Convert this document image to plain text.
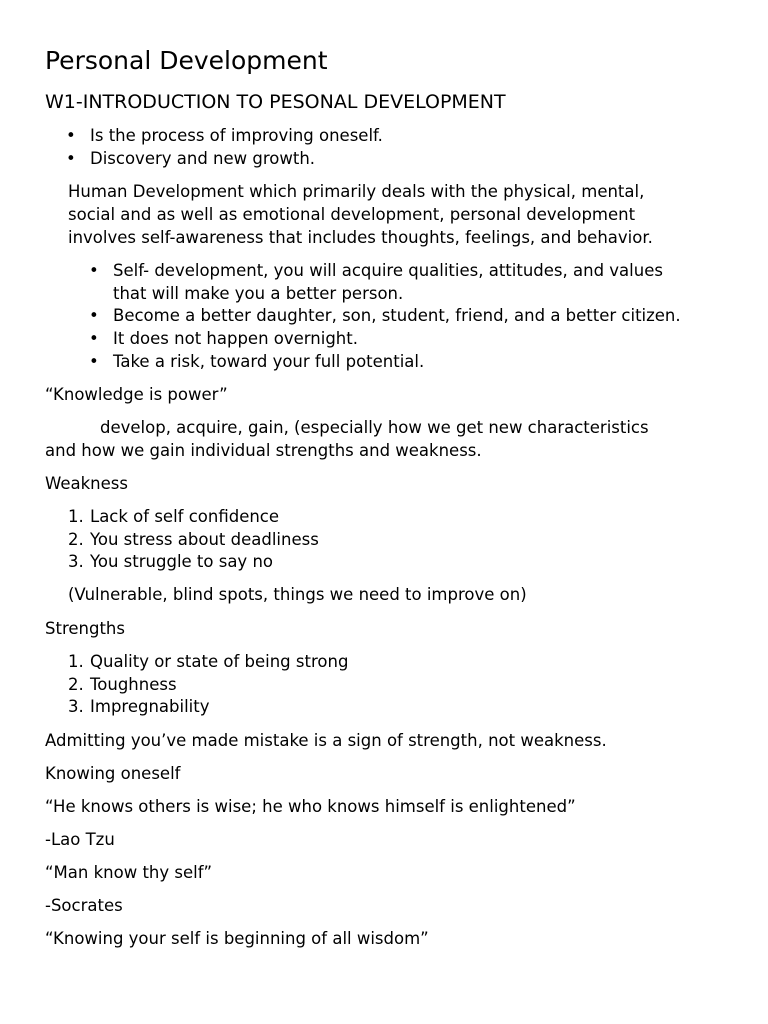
Personal Development
W1-INTRODUCTION TO PESONAL DEVELOPMENT
• Is the process of improving oneself.
• Discovery and new growth.
Human Development which primarily deals with the physical, mental,
social and as well as emotional development, personal development
involves self-awareness that includes thoughts, feelings, and behavior.
• Self- development, you will acquire qualities, attitudes, and values
that will make you a better person.
• Become a better daughter, son, student, friend, and a better citizen.
• It does not happen overnight.
• Take a risk, toward your full potential.
“Knowledge is power”
develop, acquire, gain, (especially how we get new characteristics
and how we gain individual strengths and weakness.
Weakness
1. Lack of self confidence
2. You stress about deadliness
3. You struggle to say no
(Vulnerable, blind spots, things we need to improve on)
Strengths
1. Quality or state of being strong
2. Toughness
3. Impregnability
Admitting you’ve made mistake is a sign of strength, not weakness.
Knowing oneself
“He knows others is wise; he who knows himself is enlightened”
-Lao Tzu
“Man know thy self”
-Socrates
“Knowing your self is beginning of all wisdom”
